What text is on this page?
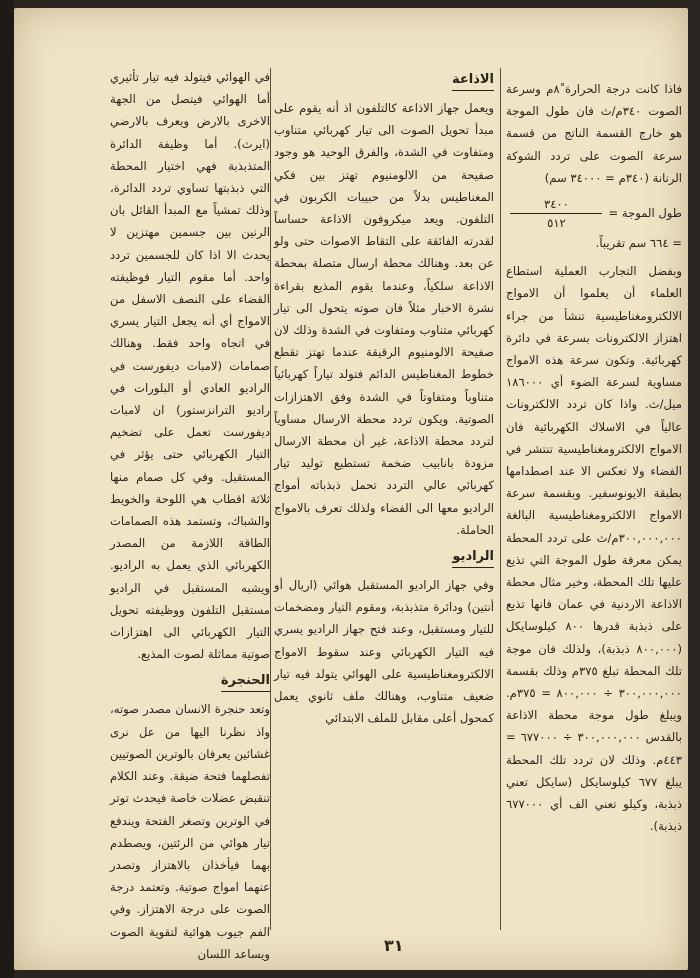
فاذا كانت درجة الحرارة ٨ْم وسرعة الصوت ٣٤٠م/ث فان طول الموجة هو خارج القسمة الناتج من قسمة سرعة الصوت على تردد الشوكة الرنانة (٣٤٠م = ٣٤٠٠٠ سم)

طول الموجة =
$\frac{٣٤٠٠}{٥١٢}$
= ٦٦٤ سم تقريباً.

وبفضل التجارب العملية استطاع العلماء أن يعلموا أن الامواج الالكترومغناطيسية تنشأ من جراء اهتزاز الالكترونات بسرعة في دائرة كهربائية. وتكون سرعة هذه الامواج مساوية لسرعة الضوء أي ١٨٦٠٠٠ ميل/ث. واذا كان تردد الالكترونات عالياً في الاسلاك الكهربائية فان الامواج الالكترومغناطيسية تنتشر في الفضاء ولا تعكس الا عند اصطدامها بطبقة الايونوسفير. وبقسمة سرعة الامواج الالكترومغناطيسية البالغة ٣٠٠,٠٠٠,٠٠٠م/ث على تردد المحطة يمكن معرفة طول الموجة التي تذيع عليها تلك المحطة، وخير مثال محطة الاذاعة الاردنية في عمان فانها تذيع على ذبذبة قدرها ٨٠٠ كيلوسايكل (٨٠٠,٠٠٠ ذبذبة)، ولذلك فان موجة تلك المحطة تبلغ ٣٧٥م وذلك بقسمة ٣٠٠,٠٠٠,٠٠٠ ÷ ٨٠٠,٠٠٠ = ٣٧٥م. ويبلغ طول موجة محطة الاذاعة بالقدس ٣٠٠,٠٠٠,٠٠٠ ÷ ٦٧٧٠٠٠ = ٤٤٣م. وذلك لان تردد تلك المحطة يبلغ ٦٧٧ كيلوسايكل (سايكل تعني ذبذبة، وكيلو تعني الف أي ٦٧٧٠٠٠ ذبذبة).

الاذاعة

ويعمل جهاز الاذاعة كالتلفون اذ أنه يقوم على مبدأ تحويل الصوت الى تيار كهربائي متناوب ومتفاوت في الشدة، والفرق الوحيد هو وجود صفيحة من الالومنيوم تهتز بين فكي المغناطيس بدلاً من حبيبات الكربون في التلفون. ويعد ميكروفون الاذاعة حساساً لقدرته الفائقة على التقاط الاصوات حتى ولو عن بعد. وهنالك محطة ارسال متصلة بمحطة الاذاعة سلكياً، وعندما يقوم المذيع بقراءة نشرة الاخبار مثلاً فان صوته يتحول الى تيار كهربائي متناوب ومتفاوت في الشدة وذلك لان صفيحة الالومنيوم الرقيقة عندما تهتز تقطع خطوط المغناطيس الدائم فتولد تياراً كهربائياً متناوباً ومتفاوتاً في الشدة وفق الاهتزازات الصوتية. ويكون تردد محطة الارسال مساوياً لتردد محطة الاذاعة، غير أن محطة الارسال مزودة بانابيب ضخمة تستطيع توليد تيار كهربائي عالي التردد تحمل ذبذباته أمواج الراديو معها الى الفضاء ولذلك تعرف بالامواج الحاملة.

الراديو

وفي جهاز الراديو المستقبل هوائي (اريال أو أنتين) ودائرة متذبذبة، ومقوم التيار ومضخمات للتيار ومستقبل، وعند فتح جهاز الراديو يسري فيه التيار الكهربائي وعند سقوط الامواج الالكترومغناطيسية على الهوائي يتولد فيه تيار ضعيف متناوب، وهنالك ملف ثانوي يعمل كمحول أعلى مقابل للملف الابتدائي

في الهوائي فيتولد فيه تيار تأثيري أما الهوائي فيتصل من الجهة الاخرى بالارض ويعرف بالارضي (ايرث). أما وظيفة الدائرة المتذبذبة فهي اختيار المحطة التي ذبذبتها تساوي تردد الدائرة، وذلك تمشياً مع المبدأ القائل بان الرنين بين جسمين مهتزين لا يحدث الا اذا كان للجسمين تردد واحد. أما مقوم التيار فوظيفته القضاء على النصف الاسفل من الامواج أي أنه يجعل التيار يسري في اتجاه واحد فقط. وهنالك صمامات (لامبات ديفورست في الراديو العادي أو البلورات في راديو الترانزستور) ان لامبات ديفورست تعمل على تضخيم التيار الكهربائي حتى يؤثر في المستقبل. وفي كل صمام منها ثلاثة اقطاب هي اللوحة والخويط والشباك، وتستمد هذه الصمامات الطاقة اللازمة من المصدر الكهربائي الذي يعمل به الراديو. ويشبه المستقبل في الراديو مستقبل التلفون ووظيفته تحويل التيار الكهربائي الى اهتزازات صوتية مماثلة لصوت المذيع.

الحنجرة

وتعد حنجرة الانسان مصدر صوته، واذ نظرنا اليها من عل نرى غشائين يعرفان بالوترين الصوتيين تفصلهما فتحة ضيقة. وعند الكلام تنقبض عضلات خاصة فيحدث توتر في الوترين وتصغر الفتحة ويندفع تيار هوائي من الرئتين، ويصطدم بهما فيأخذان بالاهتزاز وتصدر عنهما امواج صوتية. وتعتمد درجة الصوت على درجة الاهتزاز. وفي الفم جيوب هوائية لتقوية الصوت ويساعد اللسان	٣١
